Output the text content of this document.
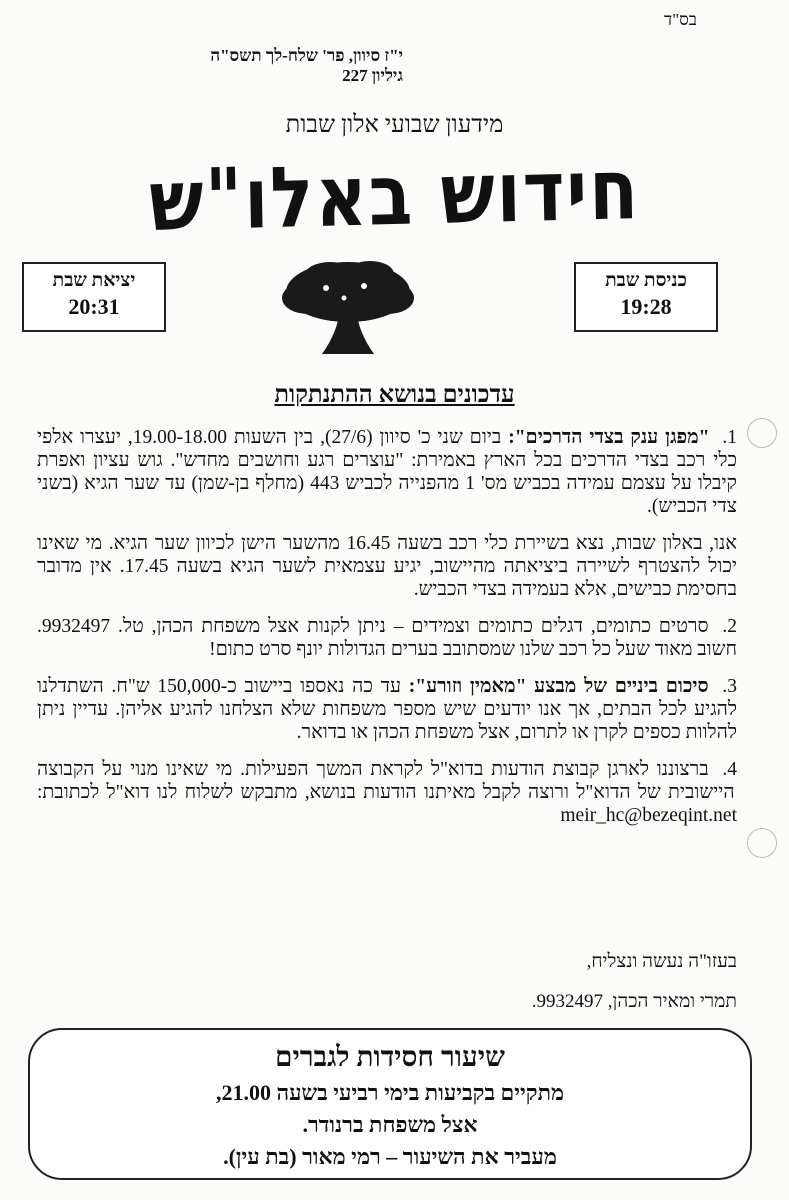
בס"ד
י"ז סיוון, פר' שלח-לך תשס"ה
גיליון 227
מידעון שבועי אלון שבות
חידוש באלו"ש
כניסת שבת
19:28
יציאת שבת
20:31
עדכונים בנושא ההתנתקות

1. "מפגן ענק בצדי הדרכים": ביום שני כ' סיוון (27/6), בין השעות 19.00-18.00, יעצרו אלפי כלי רכב בצדי הדרכים בכל הארץ באמירת: "עוצרים רגע וחושבים מחדש". גוש עציון ואפרת קיבלו על עצמם עמידה בכביש מס' 1 מהפנייה לכביש 443 (מחלף בן-שמן) עד שער הגיא (בשני צדי הכביש).

אנו, באלון שבות, נצא בשיירת כלי רכב בשעה 16.45 מהשער הישן לכיוון שער הגיא. מי שאינו יכול להצטרף לשיירה ביציאתה מהיישוב, יגיע עצמאית לשער הגיא בשעה 17.45. אין מדובר בחסימת כבישים, אלא בעמידה בצדי הכביש.

2. סרטים כתומים, דגלים כתומים וצמידים – ניתן לקנות אצל משפחת הכהן, טל. 9932497. חשוב מאוד שעל כל רכב שלנו שמסתובב בערים הגדולות יונף סרט כתום!

3. סיכום ביניים של מבצע "מאמין וזורע": עד כה נאספו ביישוב כ-150,000 ש"ח. השתדלנו להגיע לכל הבתים, אך אנו יודעים שיש מספר משפחות שלא הצלחנו להגיע אליהן. עדיין ניתן להלוות כספים לקרן או לתרום, אצל משפחת הכהן או בדואר.

4. ברצוננו לארגן קבוצת הודעות בדוא"ל לקראת המשך הפעילות. מי שאינו מנוי על הקבוצה היישובית של הדוא"ל ורוצה לקבל מאיתנו הודעות בנושא, מתבקש לשלוח לנו דוא"ל לכתובת: meir_hc@bezeqint.net

בעזו"ה נעשה ונצליח,
תמרי ומאיר הכהן, 9932497.
שיעור חסידות לגברים
מתקיים בקביעות בימי רביעי בשעה 21.00,
אצל משפחת ברנודר.
מעביר את השיעור – רמי מאור (בת עין).
